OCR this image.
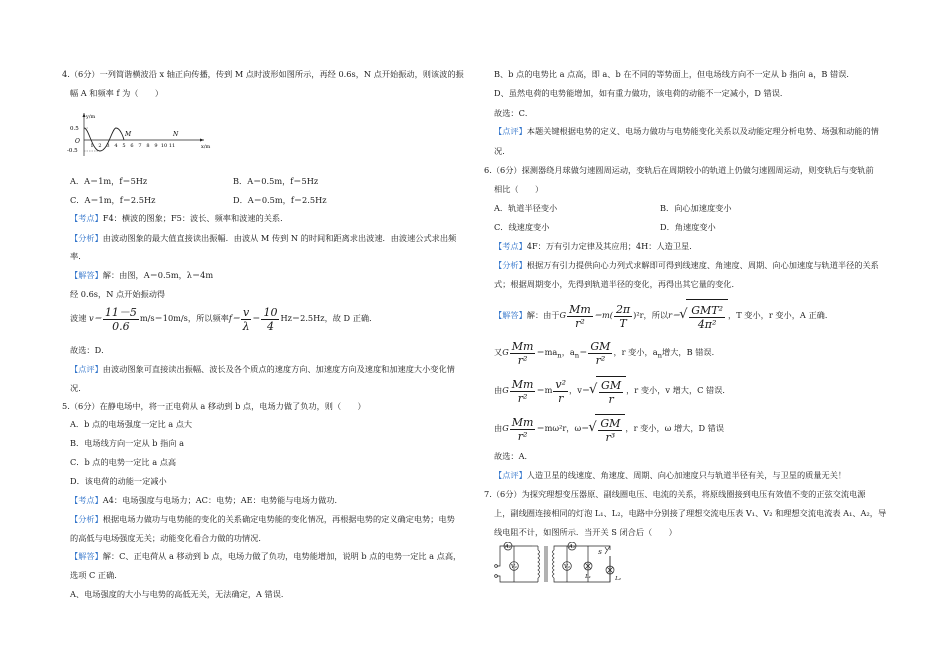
4.（6分）一列简谐横波沿 x 轴正向传播，传到 M 点时波形如图所示，再经 0.6s，N 点开始振动，则该波的振
幅 A 和频率 f 为（　　）
y/m
x/m
0.5
-0.5
O
1 2 3 4 5 6 7 8 9 10 11
M	N
A．A＝1m，f＝5Hz	B．A＝0.5m，f＝5Hz
C．A＝1m，f＝2.5Hz	D．A＝0.5m，f＝2.5Hz
【考点】F4：横波的图象；F5：波长、频率和波速的关系．
【分析】由波动图象的最大值直接读出振幅．由波从 M 传到 N 的时间和距离求出波速．由波速公式求出频
率．
【解答】解：由图，A＝0.5m，λ＝4m
经 0.6s，N 点开始振动得
波速 $v= \frac{11-5}{0.6} m/s=10m/s$，所以频率$f= \frac{v}{\lambda} = \frac{10}{4} Hz=2.5Hz$，故 D 正确．
故选：D．
【点评】由波动图象可直接读出振幅、波长及各个质点的速度方向、加速度方向及速度和加速度大小变化情
况．
5.（6分）在静电场中，将一正电荷从 a 移动到 b 点，电场力做了负功，则（　　）
A．b 点的电场强度一定比 a 点大
B．电场线方向一定从 b 指向 a
C．b 点的电势一定比 a 点高
D．该电荷的动能一定减小
【考点】A4：电场强度与电场力；AC：电势；AE：电势能与电场力做功．
【分析】根据电场力做功与电势能的变化的关系确定电势能的变化情况，再根据电势的定义确定电势；电势
的高低与电场强度无关；动能变化看合力做的功情况．
【解答】解：C、正电荷从 a 移动到 b 点，电场力做了负功，电势能增加，说明 b 点的电势一定比 a 点高，
选项 C 正确．
A、电场强度的大小与电势的高低无关，无法确定，A 错误．
B、b 点的电势比 a 点高，即 a、b 在不同的等势面上，但电场线方向不一定从 b 指向 a，B 错误．
D、虽然电荷的电势能增加，如有重力做功，该电荷的动能不一定减小，D 错误．
故选：C．
【点评】本题关键根据电势的定义、电场力做功与电势能变化关系以及动能定理分析电势、场强和动能的情
况．
6.（6分）探测器绕月球做匀速圆周运动，变轨后在周期较小的轨道上仍做匀速圆周运动，则变轨后与变轨前
相比（　　）
A．轨道半径变小	B．向心加速度变小
C．线速度变小	D．角速度变小
【考点】4F：万有引力定律及其应用；4H：人造卫星．
【分析】根据万有引力提供向心力列式求解即可得到线速度、角速度、周期、向心加速度与轨道半径的关系
式；根据周期变小，先得到轨道半径的变化，再得出其它量的变化．
【解答】解：由于G $\frac{Mm}{\text{r²}} =m( \frac{2\pi}{T} )^2r$，所以r＝ √ $\frac{\text{GMT²}}{\text{4π²}}$ ，T 变小，r 变小，A 正确．
又G $\frac{Mm}{\text{r²}} =ma_n$，$a_n= \frac{GM}{\text{r²}}$ ，r 变小，$a_n$增大，B 错误．
由G $\frac{Mm}{\text{r²}} =m \frac{\text{v²}}{r}$ ，v＝ √ $\frac{GM}{r}$ ，r 变小，v 增大，C 错误．
由G $\frac{Mm}{\text{r²}} =m\omega^2r$，ω＝ √ $\frac{GM}{\text{r³}}$ ，r 变小，ω 增大，D 错误
故选：A．
【点评】人造卫星的线速度、角速度、周期、向心加速度只与轨道半径有关，与卫星的质量无关！
7.（6分）为探究理想变压器原、副线圈电压、电流的关系，将原线圈接到电压有效值不变的正弦交流电源
上，副线圈连接相同的灯泡 L₁、L₂，电路中分别接了理想交流电压表 V₁、V₂ 和理想交流电流表 A₁、A₂，导
线电阻不计，如图所示．当开关 S 闭合后（　　）
A₁
V₁
A₂
V₂
L₁	L₂
S
